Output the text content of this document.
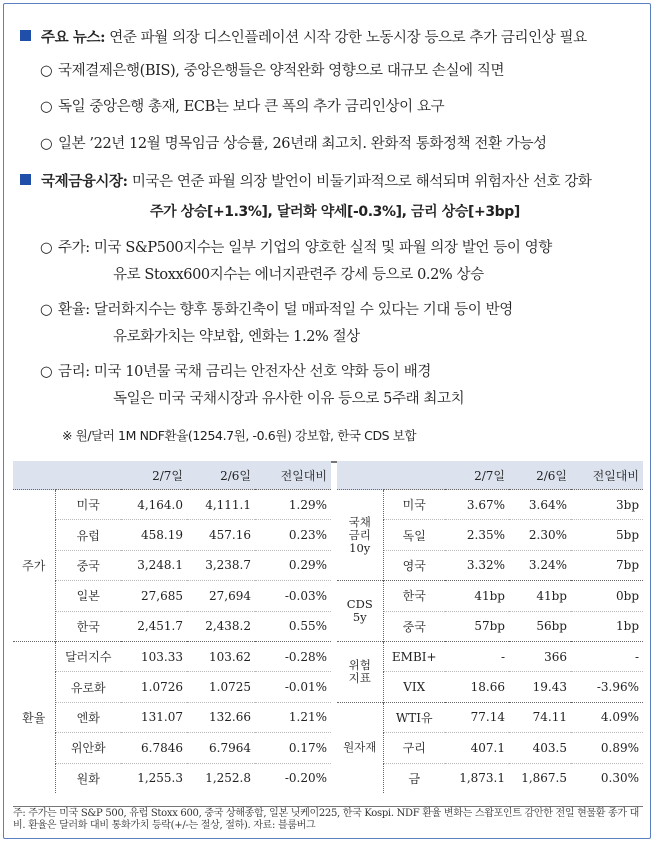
주요 뉴스: 연준 파월 의장 디스인플레이션 시작 강한 노동시장 등으로 추가 금리인상 필요
○ 국제결제은행(BIS), 중앙은행들은 양적완화 영향으로 대규모 손실에 직면
○ 독일 중앙은행 총재, ECB는 보다 큰 폭의 추가 금리인상이 요구
○ 일본 ’22년 12월 명목임금 상승률, 26년래 최고치. 완화적 통화정책 전환 가능성
국제금융시장: 미국은 연준 파월 의장 발언이 비둘기파적으로 해석되며 위험자산 선호 강화
주가 상승[+1.3%], 달러화 약세[-0.3%], 금리 상승[+3bp]
○ 주가: 미국 S&P500지수는 일부 기업의 양호한 실적 및 파월 의장 발언 등이 영향
유로 Stoxx600지수는 에너지관련주 강세 등으로 0.2% 상승
○ 환율: 달러화지수는 향후 통화긴축이 덜 매파적일 수 있다는 기대 등이 반영
유로화가치는 약보합, 엔화는 1.2% 절상
○ 금리: 미국 10년물 국채 금리는 안전자산 선호 약화 등이 배경
독일은 미국 국채시장과 유사한 이유 등으로 5주래 최고치
※ 원/달러 1M NDF환율(1254.7원, -0.6원) 강보합, 한국 CDS 보합
		2/7일	2/6일	전일대비
주가	미국	4,164.0	4,111.1	1.29%
	유럽	458.19	457.16	0.23%
	중국	3,248.1	3,238.7	0.29%
	일본	27,685	27,694	-0.03%
	한국	2,451.7	2,438.2	0.55%
환율	달러지수	103.33	103.62	-0.28%
	유로화	1.0726	1.0725	-0.01%
	엔화	131.07	132.66	1.21%
	위안화	6.7846	6.7964	0.17%
	원화	1,255.3	1,252.8	-0.20%
		2/7일	2/6일	전일대비

국채
금리
10y	미국	3.67%	3.64%	3bp
	독일	2.35%	2.30%	5bp
	영국	3.32%	3.24%	7bp

CDS
5y	한국	41bp	41bp	0bp
	중국	57bp	56bp	1bp

위험
지표	EMBI+	-	366	-
	VIX	18.66	19.43	-3.96%

원자재	WTI유	77.14	74.11	4.09%
	구리	407.1	403.5	0.89%
	금	1,873.1	1,867.5	0.30%
주: 주가는 미국 S&P 500, 유럽 Stoxx 600, 중국 상해종합, 일본 닛케이225, 한국 Kospi. NDF 환율 변화는 스왑포인트 감안한 전일 현물환 종가 대비. 환율은 달러화 대비 통화가치 등락(+/-는 절상, 절하). 자료: 블룸버그
